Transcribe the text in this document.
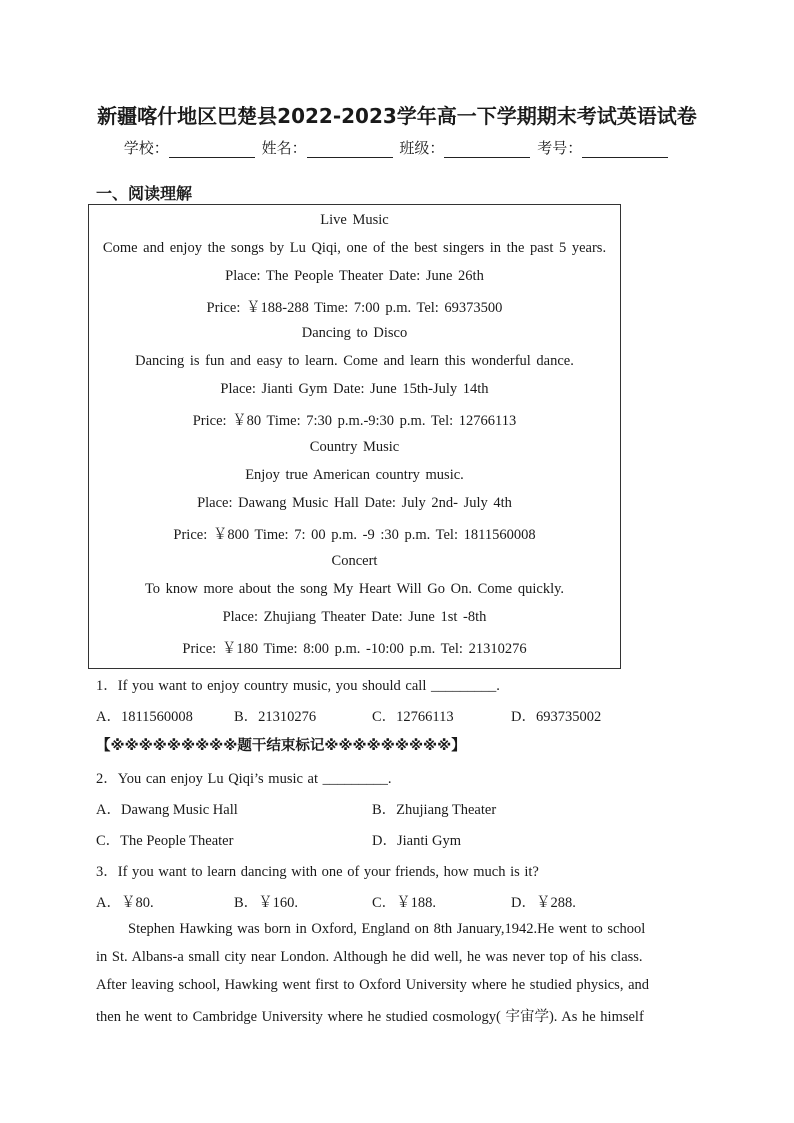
新疆喀什地区巴楚县2022-2023学年高一下学期期末考试英语试卷
学校：	姓名：	班级：	考号：
一、阅读理解
Live Music
Come and enjoy the songs by Lu Qiqi, one of the best singers in the past 5 years.
Place: The People Theater Date: June 26th
Price: ￥188-288 Time: 7:00 p.m. Tel: 69373500
Dancing to Disco
Dancing is fun and easy to learn. Come and learn this wonderful dance.
Place: Jianti Gym Date: June 15th-July 14th
Price: ￥80 Time: 7:30 p.m.-9:30 p.m. Tel: 12766113
Country Music
Enjoy true American country music.
Place: Dawang Music Hall Date: July 2nd- July 4th
Price: ￥800 Time: 7: 00 p.m. -9 :30 p.m. Tel: 1811560008
Concert
To know more about the song My Heart Will Go On. Come quickly.
Place: Zhujiang Theater Date: June 1st -8th
Price: ￥180 Time: 8:00 p.m. -10:00 p.m. Tel: 21310276
1．If you want to enjoy country music, you should call _________.
A．1811560008	B．21310276	C．12766113	D．693735002
【※※※※※※※※※题干结束标记※※※※※※※※※】
2．You can enjoy Lu Qiqi’s music at _________.
A．Dawang Music Hall	B．Zhujiang Theater
C．The People Theater	D．Jianti Gym
3．If you want to learn dancing with one of your friends, how much is it?
A．￥80.	B．￥160.	C．￥188.	D．￥288.
Stephen Hawking was born in Oxford, England on 8th January,1942.He went to school
in St. Albans-a small city near London. Although he did well, he was never top of his class.
After leaving school, Hawking went first to Oxford University where he studied physics, and
then he went to Cambridge University where he studied cosmology( 宇宙学). As he himself
